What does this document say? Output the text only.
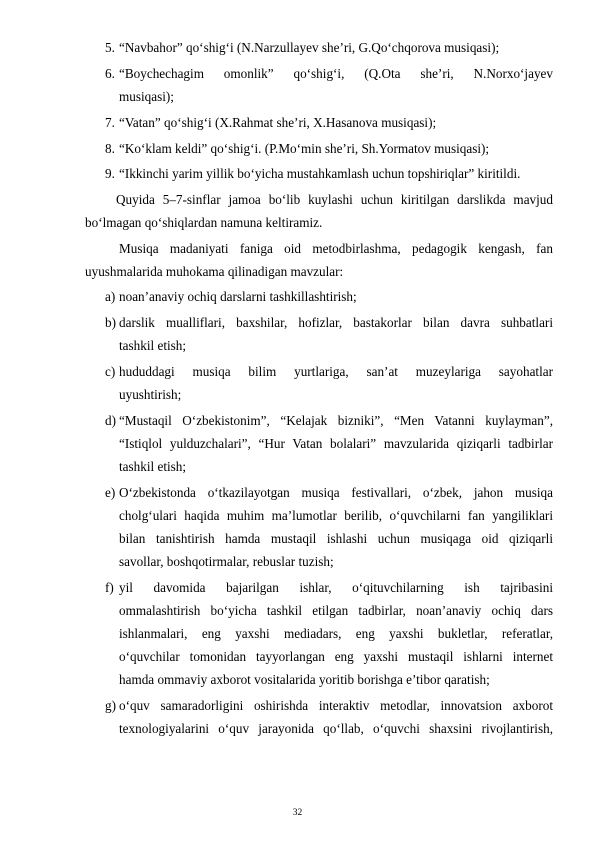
5. “Navbahor” qo‘shig‘i (N.Narzullayev she’ri, G.Qo‘chqorova musiqasi);
6. “Boychechagim omonlik” qo‘shig‘i, (Q.Ota she’ri, N.Norxo‘jayev
musiqasi);
7. “Vatan” qo‘shig‘i (X.Rahmat she’ri, X.Hasanova musiqasi);
8. “Ko‘klam keldi” qo‘shig‘i. (P.Mo‘min she’ri, Sh.Yormatov musiqasi);
9. “Ikkinchi yarim yillik bo‘yicha mustahkamlash uchun topshiriqlar” kiritildi.
Quyida 5–7-sinflar jamoa bo‘lib kuylashi uchun kiritilgan darslikda mavjud
bo‘lmagan qo‘shiqlardan namuna keltiramiz.
Musiqa madaniyati faniga oid metodbirlashma, pedagogik kengash, fan
uyushmalarida muhokama qilinadigan mavzular:
a) noan’anaviy ochiq darslarni tashkillashtirish;
b) darslik mualliflari, baxshilar, hofizlar, bastakorlar bilan davra suhbatlari
tashkil etish;
c) hududdagi musiqa bilim yurtlariga, san’at muzeylariga sayohatlar
uyushtirish;
d) “Mustaqil O‘zbekistonim”, “Kelajak bizniki”, “Men Vatanni kuylayman”,
“Istiqlol yulduzchalari”, “Hur Vatan bolalari” mavzularida qiziqarli tadbirlar
tashkil etish;
e) O‘zbekistonda o‘tkazilayotgan musiqa festivallari, o‘zbek, jahon musiqa
cholg‘ulari haqida muhim ma’lumotlar berilib, o‘quvchilarni fan yangiliklari
bilan tanishtirish hamda mustaqil ishlashi uchun musiqaga oid qiziqarli
savollar, boshqotirmalar, rebuslar tuzish;
f) yil davomida bajarilgan ishlar, o‘qituvchilarning ish tajribasini
ommalashtirish bo‘yicha tashkil etilgan tadbirlar, noan’anaviy ochiq dars
ishlanmalari, eng yaxshi mediadars, eng yaxshi bukletlar, referatlar,
o‘quvchilar tomonidan tayyorlangan eng yaxshi mustaqil ishlarni internet
hamda ommaviy axborot vositalarida yoritib borishga e’tibor qaratish;
g) o‘quv samaradorligini oshirishda interaktiv metodlar, innovatsion axborot
texnologiyalarini o‘quv jarayonida qo‘llab, o‘quvchi shaxsini rivojlantirish,
32
